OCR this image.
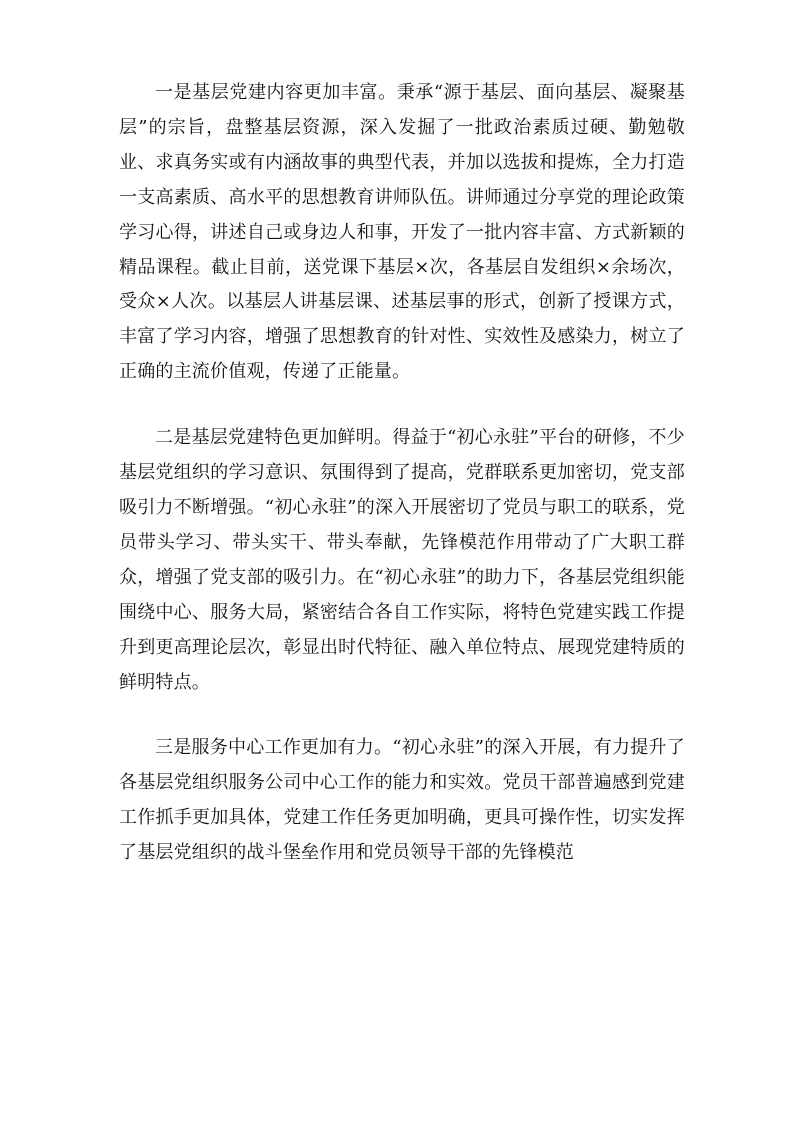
一是基层党建内容更加丰富。秉承“源于基层、面向基层、凝聚基层”的宗旨，盘整基层资源，深入发掘了一批政治素质过硬、勤勉敬业、求真务实或有内涵故事的典型代表，并加以选拔和提炼，全力打造一支高素质、高水平的思想教育讲师队伍。讲师通过分享党的理论政策学习心得，讲述自己或身边人和事，开发了一批内容丰富、方式新颖的精品课程。截止目前，送党课下基层×次，各基层自发组织×余场次，受众×人次。以基层人讲基层课、述基层事的形式，创新了授课方式，丰富了学习内容，增强了思想教育的针对性、实效性及感染力，树立了正确的主流价值观，传递了正能量。

二是基层党建特色更加鲜明。得益于“初心永驻”平台的研修，不少基层党组织的学习意识、氛围得到了提高，党群联系更加密切，党支部吸引力不断增强。“初心永驻”的深入开展密切了党员与职工的联系，党员带头学习、带头实干、带头奉献，先锋模范作用带动了广大职工群众，增强了党支部的吸引力。在“初心永驻”的助力下，各基层党组织能围绕中心、服务大局，紧密结合各自工作实际，将特色党建实践工作提升到更高理论层次，彰显出时代特征、融入单位特点、展现党建特质的鲜明特点。

三是服务中心工作更加有力。“初心永驻”的深入开展，有力提升了各基层党组织服务公司中心工作的能力和实效。党员干部普遍感到党建工作抓手更加具体，党建工作任务更加明确，更具可操作性，切实发挥了基层党组织的战斗堡垒作用和党员领导干部的先锋模范
